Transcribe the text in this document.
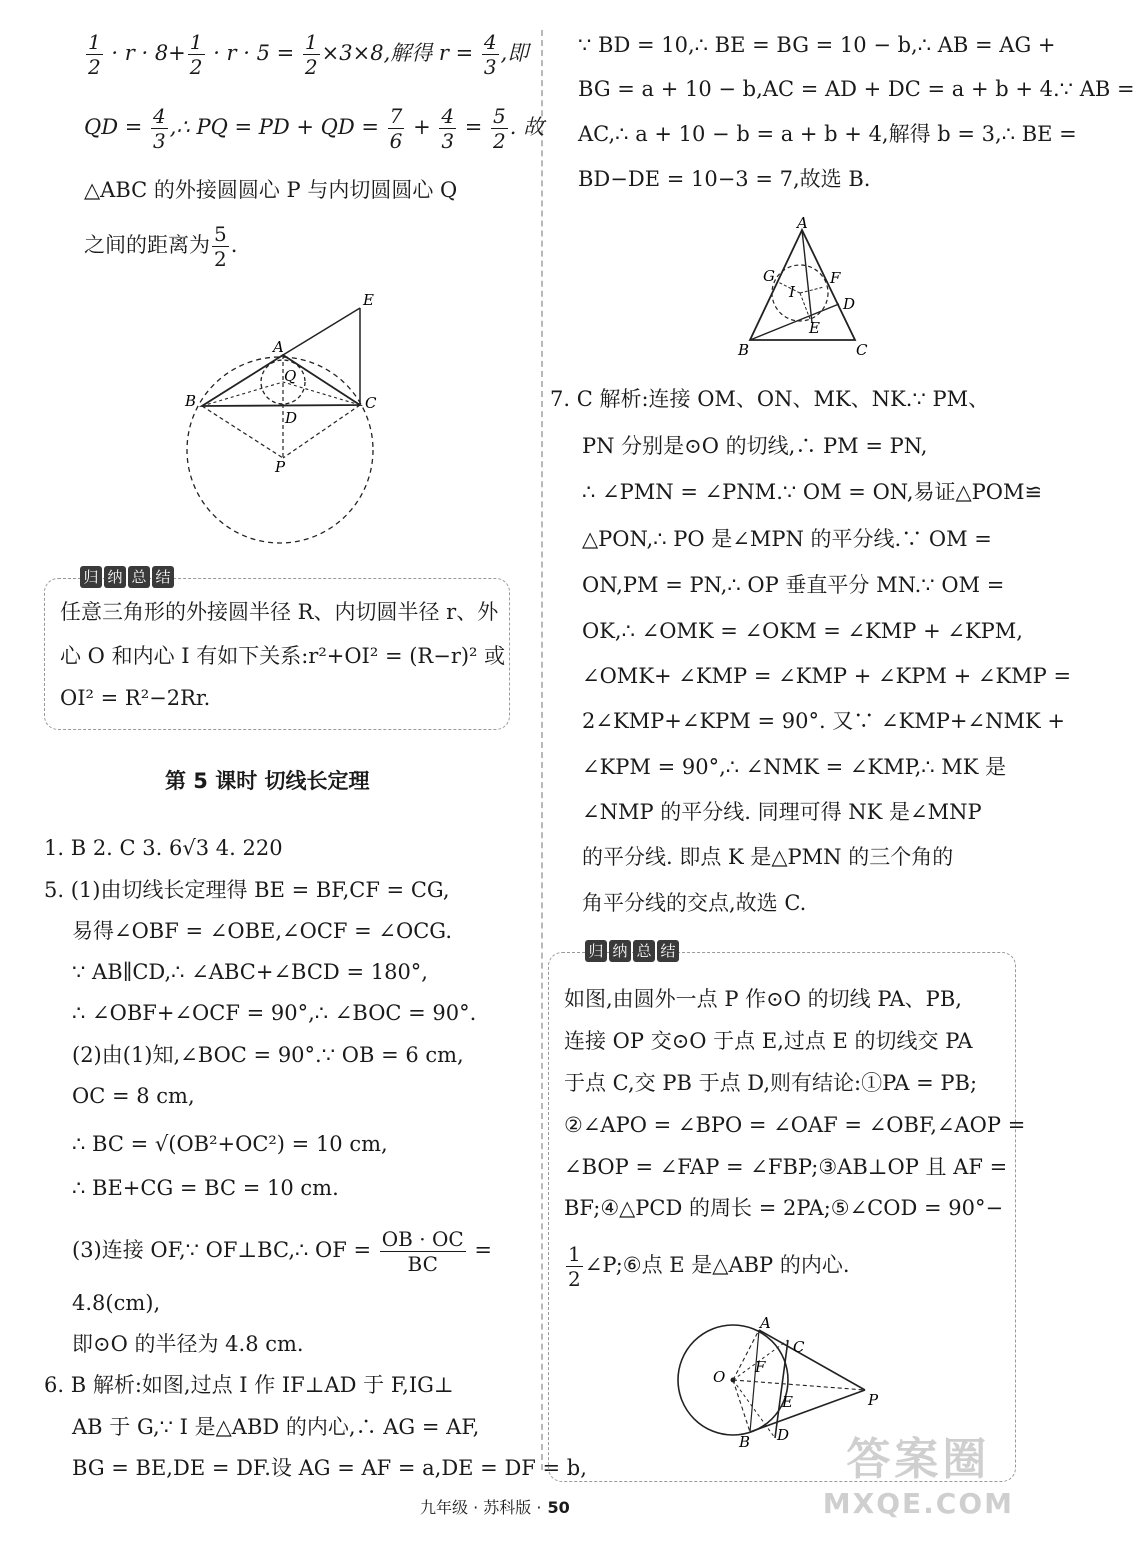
$\frac{1}{2} \cdot r \cdot 8+ \frac{1}{2} \cdot r \cdot 5 = \frac{1}{2} \times 3\times 8$,解得 $r = \frac{4}{3}$ ,即
QD = $\frac{4}{3}$ ,∴ PQ = PD + QD = $\frac{7}{6} + \frac{4}{3} = \frac{5}{2}$ . 故
△ABC 的外接圆圆心 P 与内切圆圆心 Q
之间的距离为 $\frac{5}{2}$ .
E
A
Q
B	C
D
P
归 纳 总 结
任意三角形的外接圆半径 R、内切圆半径 r、外
心 O 和内心 I 有如下关系:r²+OI² = (R−r)² 或
OI² = R²−2Rr.
第 5 课时 切线长定理
1. B 2. C 3. 6√3 4. 220
5. (1)由切线长定理得 BE = BF,CF = CG,
易得∠OBF = ∠OBE,∠OCF = ∠OCG.
∵ AB∥CD,∴ ∠ABC+∠BCD = 180°,
∴ ∠OBF+∠OCF = 90°,∴ ∠BOC = 90°.
(2)由(1)知,∠BOC = 90°.∵ OB = 6 cm,
OC = 8 cm,
∴ BC = √(OB²+OC²) = 10 cm,
∴ BE+CG = BC = 10 cm.
(3)连接 OF,∵ OF⊥BC,∴ OF = $\frac{OB \cdot OC}{BC}$ =
4.8(cm),
即⊙O 的半径为 4.8 cm.
6. B 解析:如图,过点 I 作 IF⊥AD 于 F,IG⊥
AB 于 G,∵ I 是△ABD 的内心,∴ AG = AF,
BG = BE,DE = DF.设 AG = AF = a,DE = DF = b,
∵ BD = 10,∴ BE = BG = 10 − b,∴ AB = AG +
BG = a + 10 − b,AC = AD + DC = a + b + 4.∵ AB =
AC,∴ a + 10 − b = a + b + 4,解得 b = 3,∴ BE =
BD−DE = 10−3 = 7,故选 B.
A
G	F
I
D
E
B	C
7. C 解析:连接 OM、ON、MK、NK.∵ PM、
PN 分别是⊙O 的切线,∴ PM = PN,
∴ ∠PMN = ∠PNM.∵ OM = ON,易证△POM≌
△PON,∴ PO 是∠MPN 的平分线.∵ OM =
ON,PM = PN,∴ OP 垂直平分 MN.∵ OM =
OK,∴ ∠OMK = ∠OKM = ∠KMP + ∠KPM,
∠OMK+ ∠KMP = ∠KMP + ∠KPM + ∠KMP =
2∠KMP+∠KPM = 90°. 又∵ ∠KMP+∠NMK +
∠KPM = 90°,∴ ∠NMK = ∠KMP,∴ MK 是
∠NMP 的平分线. 同理可得 NK 是∠MNP
的平分线. 即点 K 是△PMN 的三个角的
角平分线的交点,故选 C.
归 纳 总 结
如图,由圆外一点 P 作⊙O 的切线 PA、PB,
连接 OP 交⊙O 于点 E,过点 E 的切线交 PA
于点 C,交 PB 于点 D,则有结论:①PA = PB;
②∠APO = ∠BPO = ∠OAF = ∠OBF,∠AOP =
∠BOP = ∠FAP = ∠FBP;③AB⊥OP 且 AF =
BF;④△PCD 的周长 = 2PA;⑤∠COD = 90°−
$\frac{1}{2}$ ∠P;⑥点 E 是△ABP 的内心.
A
C
O
F
E	P
B D
九年级 · 苏科版 · 50
答案圈
MXQE.COM
